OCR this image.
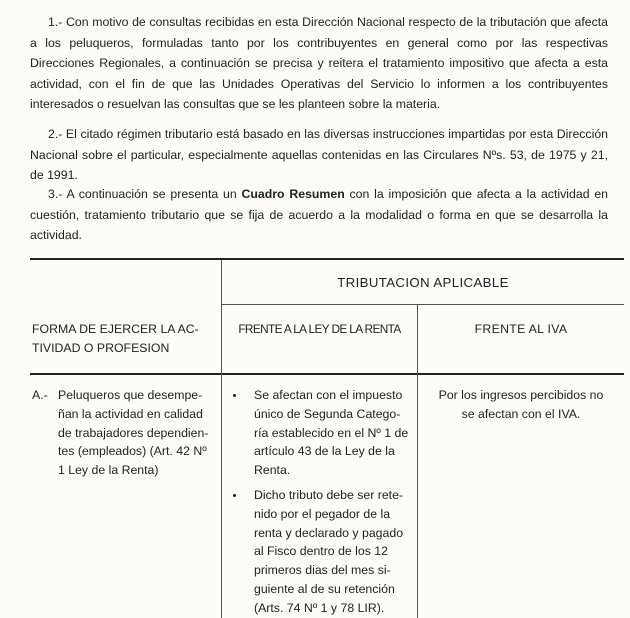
1.- Con motivo de consultas recibidas en esta Dirección Nacional respecto de la tributación que afecta a los peluqueros, formuladas tanto por los contribuyentes en general como por las respectivas Direcciones Regionales, a continuación se precisa y reitera el tratamiento impositivo que afecta a esta actividad, con el fin de que las Unidades Operativas del Servicio lo informen a los contribuyentes interesados o resuelvan las consultas que se les planteen sobre la materia.
2.- El citado régimen tributario está basado en las diversas instrucciones impartidas por esta Dirección Nacional sobre el particular, especialmente aquellas contenidas en las Circulares Nºs. 53, de 1975 y 21, de 1991.
3.- A continuación se presenta un Cuadro Resumen con la imposición que afecta a la actividad en cuestión, tratamiento tributario que se fija de acuerdo a la modalidad o forma en que se desarrolla la actividad.
TRIBUTACION APLICABLE
FORMA DE EJERCER LA AC-
TIVIDAD O PROFESION
FRENTE A LA LEY DE LA RENTA	FRENTE AL IVA
A.- Peluqueros que desempe-
ñan la actividad en calidad
de trabajadores dependien-
tes (empleados) (Art. 42 Nº
1 Ley de la Renta)
Se afectan con el impuesto
único de Segunda Catego-
ría establecido en el Nº 1 de
artículo 43 de la Ley de la
Renta.
Dicho tributo debe ser rete-
nido por el pegador de la
renta y declarado y pagado
al Fisco dentro de los 12
primeros dias del mes si-
guiente al de su retención
(Arts. 74 Nº 1 y 78 LIR).
Por los ingresos percibidos no
se afectan con el IVA.
